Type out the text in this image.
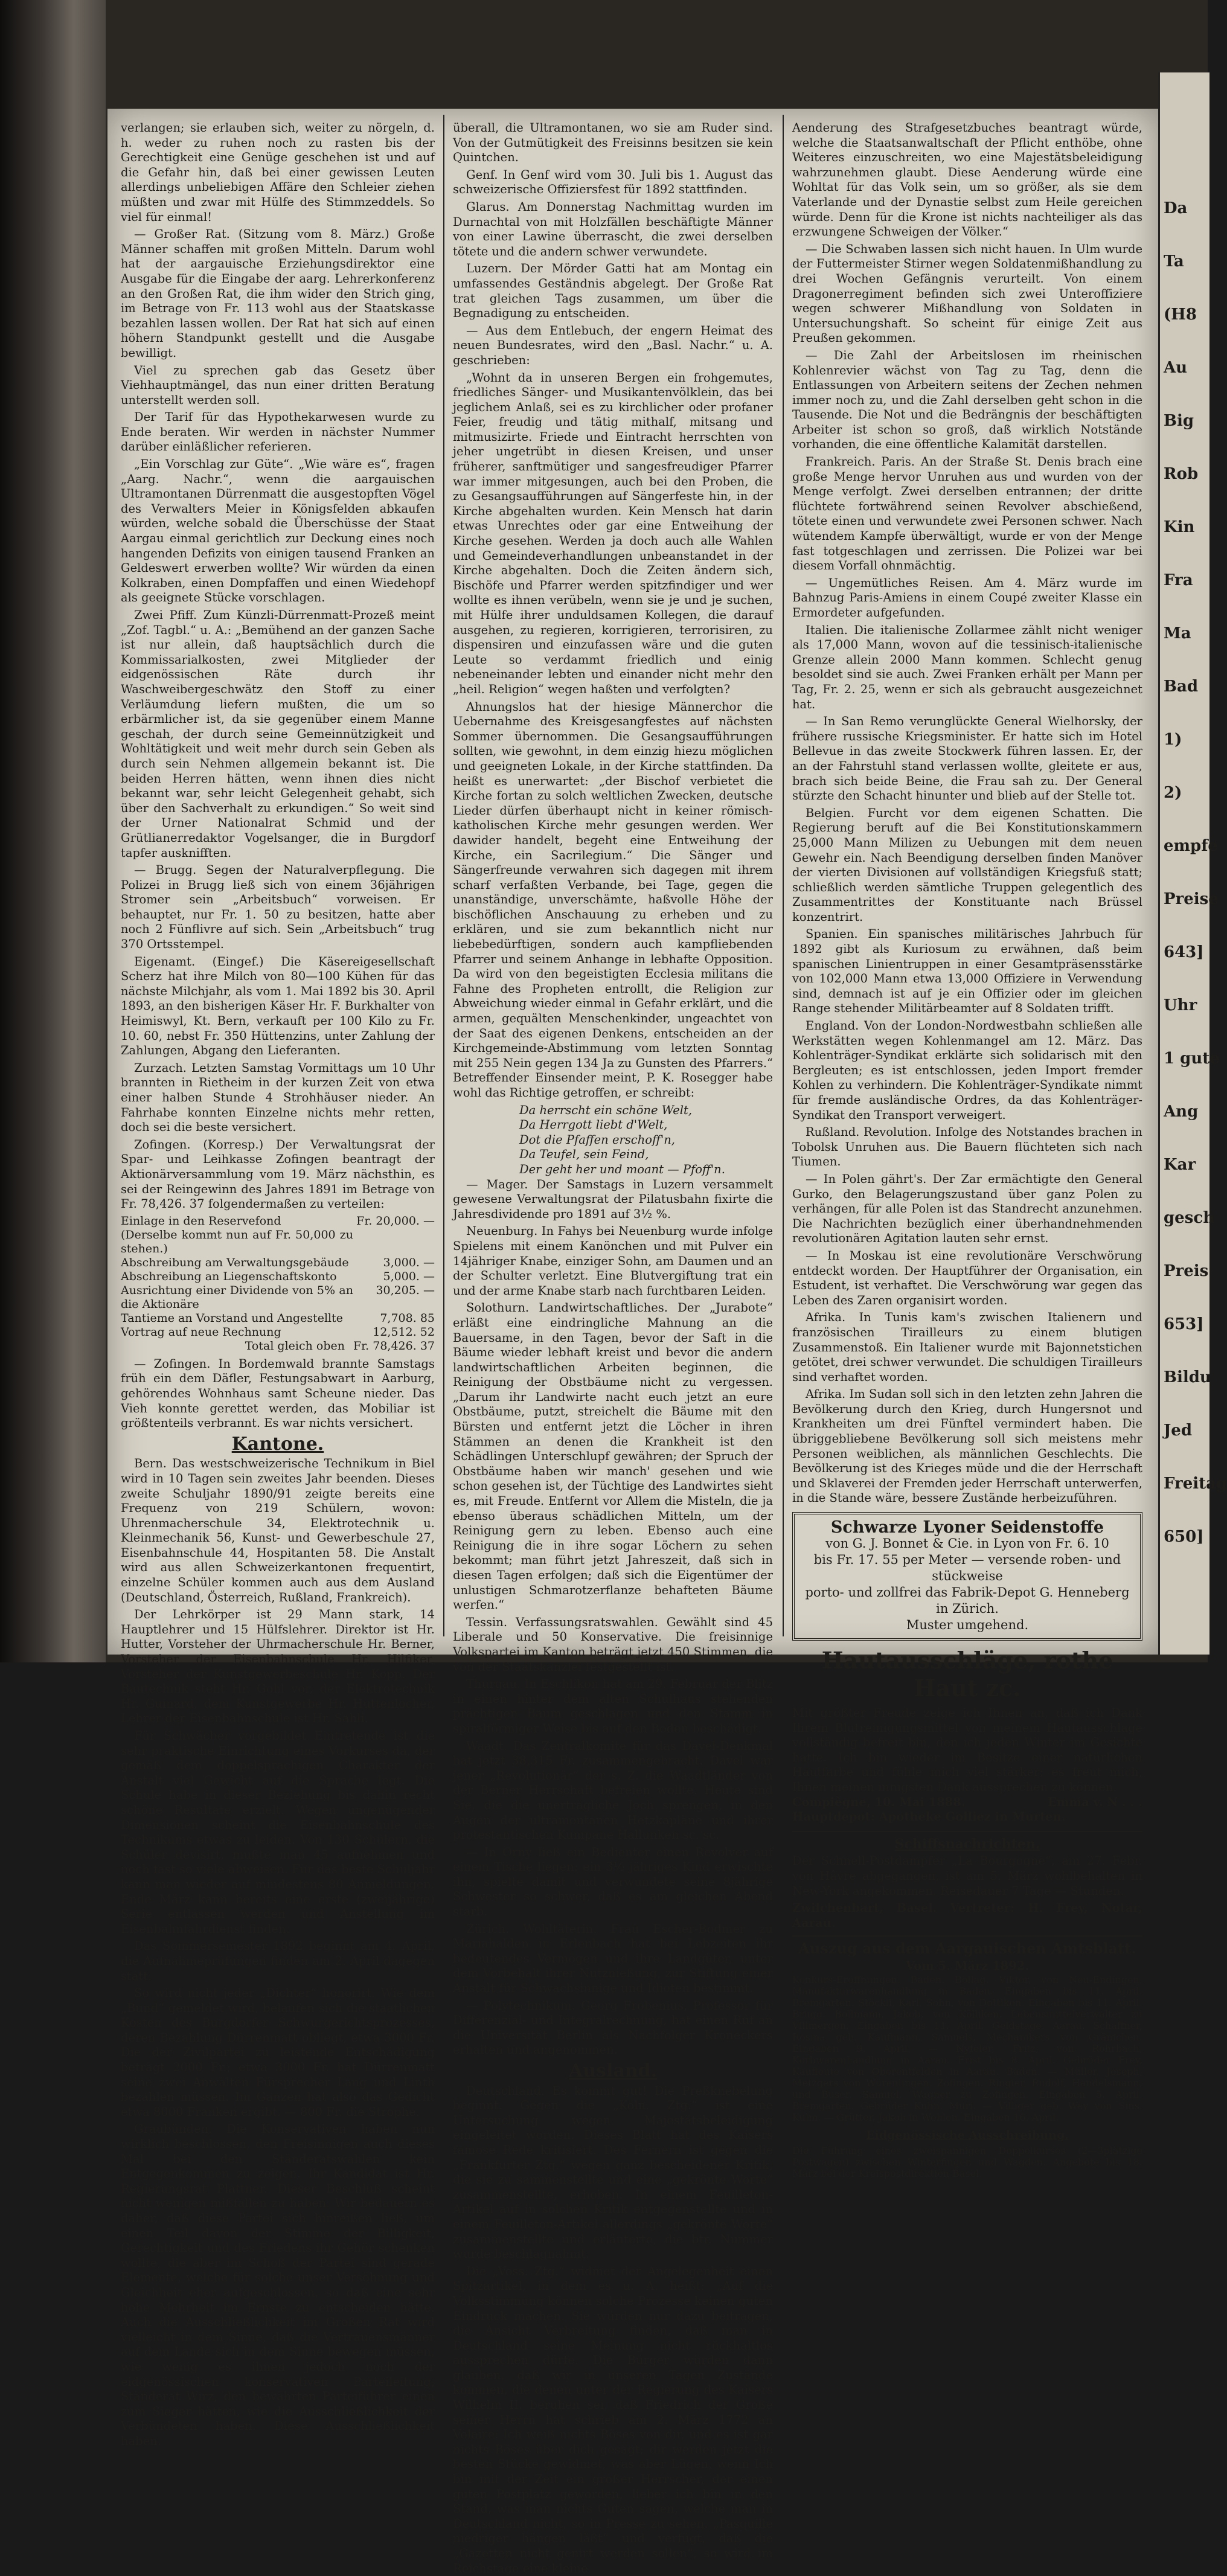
Da
Ta
(H8
Au
Big
Rob
Kin
Fra
Ma
Bad
1)
2)
empfe
Preise
643]
Uhr
1 gute
Ang
Kar
gesch
Preis
653]
Bildu
Jed
Freitag
650]

verlangen; sie erlauben sich, weiter zu nörgeln, d. h. weder zu ruhen noch zu rasten bis der Gerechtigkeit eine Genüge geschehen ist und auf die Gefahr hin, daß bei einer gewissen Leuten allerdings unbeliebigen Affäre den Schleier ziehen müßten und zwar mit Hülfe des Stimmzeddels. So viel für einmal!

— Großer Rat. (Sitzung vom 8. März.) Große Männer schaffen mit großen Mitteln. Darum wohl hat der aargauische Erziehungsdirektor eine Ausgabe für die Eingabe der aarg. Lehrerkonferenz an den Großen Rat, die ihm wider den Strich ging, im Betrage von Fr. 113 wohl aus der Staatskasse bezahlen lassen wollen. Der Rat hat sich auf einen höhern Standpunkt gestellt und die Ausgabe bewilligt.

Viel zu sprechen gab das Gesetz über Viehhauptmängel, das nun einer dritten Beratung unterstellt werden soll.

Der Tarif für das Hypothekarwesen wurde zu Ende beraten. Wir werden in nächster Nummer darüber einläßlicher referieren.

„Ein Vorschlag zur Güte“. „Wie wäre es“, fragen „Aarg. Nachr.“, wenn die aargauischen Ultramontanen Dürrenmatt die ausgestopften Vögel des Verwalters Meier in Königsfelden abkaufen würden, welche sobald die Überschüsse der Staat Aargau einmal gerichtlich zur Deckung eines noch hangenden Defizits von einigen tausend Franken an Geldeswert erwerben wollte? Wir würden da einen Kolkraben, einen Dompfaffen und einen Wiedehopf als geeignete Stücke vorschlagen.

Zwei Pfiff. Zum Künzli-Dürrenmatt-Prozeß meint „Zof. Tagbl.“ u. A.: „Bemühend an der ganzen Sache ist nur allein, daß hauptsächlich durch die Kommissarialkosten, zwei Mitglieder der eidgenössischen Räte durch ihr Waschweibergeschwätz den Stoff zu einer Verläumdung liefern mußten, die um so erbärmlicher ist, da sie gegenüber einem Manne geschah, der durch seine Gemeinnützigkeit und Wohltätigkeit und weit mehr durch sein Geben als durch sein Nehmen allgemein bekannt ist. Die beiden Herren hätten, wenn ihnen dies nicht bekannt war, sehr leicht Gelegenheit gehabt, sich über den Sachverhalt zu erkundigen.“ So weit sind der Urner Nationalrat Schmid und der Grütlianerredaktor Vogelsanger, die in Burgdorf tapfer ausknifften.

— Brugg. Segen der Naturalverpflegung. Die Polizei in Brugg ließ sich von einem 36jährigen Stromer sein „Arbeitsbuch“ vorweisen. Er behauptet, nur Fr. 1. 50 zu besitzen, hatte aber noch 2 Fünflivre auf sich. Sein „Arbeitsbuch“ trug 370 Ortsstempel.

Eigenamt. (Eingef.) Die Käsereigesellschaft Scherz hat ihre Milch von 80—100 Kühen für das nächste Milchjahr, als vom 1. Mai 1892 bis 30. April 1893, an den bisherigen Käser Hr. F. Burkhalter von Heimiswyl, Kt. Bern, verkauft per 100 Kilo zu Fr. 10. 60, nebst Fr. 350 Hüttenzins, unter Zahlung der Zahlungen, Abgang den Lieferanten.

Zurzach. Letzten Samstag Vormittags um 10 Uhr brannten in Rietheim in der kurzen Zeit von etwa einer halben Stunde 4 Strohhäuser nieder. An Fahrhabe konnten Einzelne nichts mehr retten, doch sei die beste versichert.

Zofingen. (Korresp.) Der Verwaltungsrat der Spar- und Leihkasse Zofingen beantragt der Aktionärversammlung vom 19. März nächsthin, es sei der Reingewinn des Jahres 1891 im Betrage von Fr. 78,426. 37 folgendermaßen zu verteilen:

Einlage in den Reservefond	Fr. 20,000. —
(Derselbe kommt nun auf Fr. 50,000 zu stehen.)	
Abschreibung am Verwaltungsgebäude	3,000. —
Abschreibung an Liegenschaftskonto	5,000. —
Ausrichtung einer Dividende von 5% an die Aktionäre	30,205. —
Tantieme an Vorstand und Angestellte	7,708. 85
Vortrag auf neue Rechnung	12,512. 52
Total gleich oben	Fr. 78,426. 37

— Zofingen. In Bordemwald brannte Samstags früh ein dem Däfler, Festungsabwart in Aarburg, gehörendes Wohnhaus samt Scheune nieder. Das Vieh konnte gerettet werden, das Mobiliar ist größtenteils verbrannt. Es war nichts versichert.

Kantone.

Bern. Das westschweizerische Technikum in Biel wird in 10 Tagen sein zweites Jahr beenden. Dieses zweite Schuljahr 1890/91 zeigte bereits eine Frequenz von 219 Schülern, wovon: Uhrenmacherschule 34, Elektrotechnik u. Kleinmechanik 56, Kunst- und Gewerbeschule 27, Eisenbahnschule 44, Hospitanten 58. Die Anstalt wird aus allen Schweizerkantonen frequentirt, einzelne Schüler kommen auch aus dem Ausland (Deutschland, Österreich, Rußland, Frankreich).

Der Lehrkörper ist 29 Mann stark, 14 Hauptlehrer und 15 Hülfslehrer. Direktor ist Hr. Hutter, Vorsteher der Uhrmacherschule Hr. Berner, Vorsteher der Eisenbahnschule Hr. Hilfiker, Vorsteher der Kunstgewerbeschule Hr. Kopp. Der Bautechnik steht Hr. Gohl vor, der Elektrotechnik Hr. Guinard, dem Kunstgewerbe Hr. Huttenlocher, Lehrer der Eisenbahnschule ist Hr. Sahli.

Für Schwächer vorgebildet Eintretende ist die sehr praktische Einrichtung eines Vorkurses da, der gemäß dem doppelsprachigen Charakter der Anstalt viel Gewicht auf die Sprache legt. Die Schule habe in dieser Beziehung bis dahin recht schöne Resultate erzielt. Wegen ungenügender Dimensionen scheint die Eisenbahnschule des Technikums etwas zu leiden. Von 130 Schülern, die Schüler devisirt, mußte man 45 aufnehmen und noch fast so viele abweisen. Für das beste Schuljahr kann man wieder auf mindestens 80 Anmeldungen. Ende März kann bereits eine erste (zweijährige) Serie entlassen werden und Anstellung im Eisenbahnfahrdienst finden.

Das Sommersemester 1892 beginnt am 4. April, die Aufnahmeprüfungen finden am 2. April dagegen statt.

So wird nicht jeder „Dichter“ honorirt. Wie dem „Bund“ gemeldet wird, belaufen sich die staatlichen Kosten des Burgdorfer Schwurgerichtsprozesses, deren Bezahlung Dürrenmatt obliegt, etwa 3000 Fr. Die der Zivilpartei zu leistende Entschädigung beträgt 2000 Fr.; etwa 3000 Fr. hat Dürrenmatt seine zwei Anwälten Fürsprecher Lang und Linth bezahlen müssen. Im Ganzen hat also das Gedicht etwa 8000 Franken ergibt. — 800 Fr. die Strophe.

Graubünden. Die Konservativen haben nun wirklich beschlossen, den Freisinnigen auch dieses Mal bei den Ständeratswahlen kein Entgegenkommen zu zeigen. Ihr Kandidat ist Hr. Regierungsrat Plattner. Dieser Beschluß scheint nicht wenigen mißfallen zu haben. Wir bedauern es daher, daß diese Partei sich hinreißen ließ, um einen Teil davon der Stimme der Billigkeit, Gerechtigkeit und des Friedens ihr Gehör schenken wollte, die aber im Schoß der Partei sind gerade Elemente, welche für solche unser Versöhnung und Gleichheit eher aufgeschlossen, so daß eine sehr hohe Mehrheit im Ernste zu entscheiden hätte. Auch die Ausschließlichkeit im Großen Rat wird vielleicht in dem Sinne, daß die Vertrauensmänner auf dem Lande sich in dem Sinne bewegen müssen, wie wenig es ihnen jedoch noch der eidgenössischen konservativen Parteileitung, Ständerat Wirz, den bewährten Parteiführer einen zum Sieger hätten, wie die Ausschließlichkeit der Verbündeten haben. Diese Ausschließlichkeit haben.

überall, die Ultramontanen, wo sie am Ruder sind. Von der Gutmütigkeit des Freisinns besitzen sie kein Quintchen.

Genf. In Genf wird vom 30. Juli bis 1. August das schweizerische Offiziersfest für 1892 stattfinden.

Glarus. Am Donnerstag Nachmittag wurden im Durnachtal von mit Holzfällen beschäftigte Männer von einer Lawine überrascht, die zwei derselben tötete und die andern schwer verwundete.

Luzern. Der Mörder Gatti hat am Montag ein umfassendes Geständnis abgelegt. Der Große Rat trat gleichen Tags zusammen, um über die Begnadigung zu entscheiden.

— Aus dem Entlebuch, der engern Heimat des neuen Bundesrates, wird den „Basl. Nachr.“ u. A. geschrieben:

„Wohnt da in unseren Bergen ein frohgemutes, friedliches Sänger- und Musikantenvölklein, das bei jeglichem Anlaß, sei es zu kirchlicher oder profaner Feier, freudig und tätig mithalf, mitsang und mitmusizirte. Friede und Eintracht herrschten von jeher ungetrübt in diesen Kreisen, und unser früherer, sanftmütiger und sangesfreudiger Pfarrer war immer mitgesungen, auch bei den Proben, die zu Gesangsaufführungen auf Sängerfeste hin, in der Kirche abgehalten wurden. Kein Mensch hat darin etwas Unrechtes oder gar eine Entweihung der Kirche gesehen. Werden ja doch auch alle Wahlen und Gemeindeverhandlungen unbeanstandet in der Kirche abgehalten. Doch die Zeiten ändern sich, Bischöfe und Pfarrer werden spitzfindiger und wer wollte es ihnen verübeln, wenn sie je und je suchen, mit Hülfe ihrer unduldsamen Kollegen, die darauf ausgehen, zu regieren, korrigieren, terrorisiren, zu dispensiren und einzufassen wäre und die guten Leute so verdammt friedlich und einig nebeneinander lebten und einander nicht mehr den „heil. Religion“ wegen haßten und verfolgten?

Ahnungslos hat der hiesige Männerchor die Uebernahme des Kreisgesangfestes auf nächsten Sommer übernommen. Die Gesangsaufführungen sollten, wie gewohnt, in dem einzig hiezu möglichen und geeigneten Lokale, in der Kirche stattfinden. Da heißt es unerwartet: „der Bischof verbietet die Kirche fortan zu solch weltlichen Zwecken, deutsche Lieder dürfen überhaupt nicht in keiner römisch-katholischen Kirche mehr gesungen werden. Wer dawider handelt, begeht eine Entweihung der Kirche, ein Sacrilegium.“ Die Sänger und Sängerfreunde verwahren sich dagegen mit ihrem scharf verfaßten Verbande, bei Tage, gegen die unanständige, unverschämte, haßvolle Höhe der bischöflichen Anschauung zu erheben und zu erklären, und sie zum bekanntlich nicht nur liebebedürftigen, sondern auch kampfliebenden Pfarrer und seinem Anhange in lebhafte Opposition. Da wird von den begeistigten Ecclesia militans die Fahne des Propheten entrollt, die Religion zur Abweichung wieder einmal in Gefahr erklärt, und die armen, gequälten Menschenkinder, ungeachtet von der Saat des eigenen Denkens, entscheiden an der Kirchgemeinde-Abstimmung vom letzten Sonntag mit 255 Nein gegen 134 Ja zu Gunsten des Pfarrers.“ Betreffender Einsender meint, P. K. Rosegger habe wohl das Richtige getroffen, er schreibt:

Da herrscht ein schöne Welt,
Da Herrgott liebt d'Welt,
Dot die Pfaffen erschoff'n,
Da Teufel, sein Feind,
Der geht her und moant — Pfoff'n.

— Mager. Der Samstags in Luzern versammelt gewesene Verwaltungsrat der Pilatusbahn fixirte die Jahresdividende pro 1891 auf 3½ %.

Neuenburg. In Fahys bei Neuenburg wurde infolge Spielens mit einem Kanönchen und mit Pulver ein 14jähriger Knabe, einziger Sohn, am Daumen und an der Schulter verletzt. Eine Blutvergiftung trat ein und der arme Knabe starb nach furchtbaren Leiden.

Solothurn. Landwirtschaftliches. Der „Jurabote“ erläßt eine eindringliche Mahnung an die Bauersame, in den Tagen, bevor der Saft in die Bäume wieder lebhaft kreist und bevor die andern landwirtschaftlichen Arbeiten beginnen, die Reinigung der Obstbäume nicht zu vergessen. „Darum ihr Landwirte nacht euch jetzt an eure Obstbäume, putzt, streichelt die Bäume mit den Bürsten und entfernt jetzt die Löcher in ihren Stämmen an denen die Krankheit ist den Schädlingen Unterschlupf gewähren; der Spruch der Obstbäume haben wir manch' gesehen und wie schon gesehen ist, der Tüchtige des Landwirtes sieht es, mit Freude. Entfernt vor Allem die Misteln, die ja ebenso überaus schädlichen Mitteln, um der Reinigung gern zu leben. Ebenso auch eine Reinigung die in ihre sogar Löchern zu sehen bekommt; man führt jetzt Jahreszeit, daß sich in diesen Tagen erfolgen; daß sich die Eigentümer der unlustigen Schmarotzerflanze behafteten Bäume werfen.“

Tessin. Verfassungsratswahlen. Gewählt sind 45 Liberale und 50 Konservative. Die freisinnige Volkspartei im Kanton beträgt jetzt 450 Stimmen, die von der Staatskanzlei festgestellt ist.

Thurgau. In Eschlikon hat am 29. Februar der Blitz in einen hinter dem alten Schulhaus stehenden prächtigen Baum geschlagen und den Stamm in spiralförmiger Weise bis auf den Boden beschädigt.

Waadt. Das Zentralkomite für das Davel-Denkmal hat jetzt 38,315 Fr. zusammengebracht. Davel war jener „Revolutionär“ der s. Z. die Waadtländer von der Berner Herrschaft befreien wollte. Heute sind Sie, die die unerträgliche Joch sprengen, in den Augen der ultramontanen Hetzkapläne und ihrer protestantischen Kumpane Hallunken sc. sc.

— In Orny ließ ein Bedienter einen Revolver auf einem Tische liegen; ein 3½ jähriges Kind erwischte ihn, spielte damit und verwundete seine 8jährige Schwester so schwer, daß es am gleichen Abend starb.

Zürich. Wohltäterin. Frau Escher-Bodmer zu Mariahalden in Erlenbach hat bei Lebzeiten ihr bedeutendes Vermögen und ihre Landgüter, unter dem Vorbehalt ihrer Nutznießung, zur Stiftung einer Anstalt für Schwachsinnige und Idioten bestimmt.

— Polytechnikum. Georg Frobenius, Professor für Differenzial- und Integralrechnung, hat einen Ruf an die Universität Berlin als Nachfolger Kroneckers erhalten und angenommen.

Ausland.

Deutschland. Es kommt gut! Die Preßknebelung beginnt. Gegen die „Köln. Ztg.“ ist eine Untersuchung wegen Majestätsbeleidigung eingeleitet worden. Dieses Blatt hat des Kaisers famose Rede kritisiert. Des Fernern ist gegen die „Frankfurter Ztg.“ wegen ganz bescheidener Kritik, die sie zu sammenstellte und eine „gekrönte Worte“ zusammenstellte, erhoben. In einem Feuilleton-Artikel auf in solchen Kritik entgegenstellte und in einem Feuilleton-Artikel allerdings „gekrönte Worte“ zusammenstellte und erläuterte, die btr. Nummer wurde beschlagnahmt.

Die „Voss. Ztg.“ widmet der Angelegenheit einen Spitzartikel, in dem es u. A. heißt: „Auf die Volksstimmung können solche Prozesse keinen guten Eindruck machen. Sie würden nur dazu beitragen, die Ansicht Verbreitung finden, daß man in Deutschland seine Meinung nicht rückhaltlos aussprechen dürfe. Die Bürger würden dann glauben, daß wir in unseren Tagen Zustände kommen, die denen unter der Regierung des Kaisers Wilhelm II. beruhen sei, daß Friedrich der Große seiner Herrn hat schrieb am 2. März 1772 an Volaire: Ich weiß nichts Böses von dir, und es ist gar nichts Böses über dich gesagt; dir werden jetzt die besten Stücke gewidmet, was aber Lügen, wenn Ich bin mit der Zeit ein großer Herrscher, der einen guten Postplatz geworden, lieber ich bin in den Stand, was man nichts Guten sagen, welche man in Deutschland nicht, so in Presse zu sehen. „Pasquille niedriger hängen läßt“ und verfügt, daß die „Gazetten nicht genirt werden sollen“, so wird im Reichstage eine kleine

Aenderung des Strafgesetzbuches beantragt würde, welche die Staatsanwaltschaft der Pflicht enthöbe, ohne Weiteres einzuschreiten, wo eine Majestätsbeleidigung wahrzunehmen glaubt. Diese Aenderung würde eine Wohltat für das Volk sein, um so größer, als sie dem Vaterlande und der Dynastie selbst zum Heile gereichen würde. Denn für die Krone ist nichts nachteiliger als das erzwungene Schweigen der Völker.“

— Die Schwaben lassen sich nicht hauen. In Ulm wurde der Futtermeister Stirner wegen Soldatenmißhandlung zu drei Wochen Gefängnis verurteilt. Von einem Dragonerregiment befinden sich zwei Unteroffiziere wegen schwerer Mißhandlung von Soldaten in Untersuchungshaft. So scheint für einige Zeit aus Preußen gekommen.

— Die Zahl der Arbeitslosen im rheinischen Kohlenrevier wächst von Tag zu Tag, denn die Entlassungen von Arbeitern seitens der Zechen nehmen immer noch zu, und die Zahl derselben geht schon in die Tausende. Die Not und die Bedrängnis der beschäftigten Arbeiter ist schon so groß, daß wirklich Notstände vorhanden, die eine öffentliche Kalamität darstellen.

Frankreich. Paris. An der Straße St. Denis brach eine große Menge hervor Unruhen aus und wurden von der Menge verfolgt. Zwei derselben entrannen; der dritte flüchtete fortwährend seinen Revolver abschießend, tötete einen und verwundete zwei Personen schwer. Nach wütendem Kampfe überwältigt, wurde er von der Menge fast totgeschlagen und zerrissen. Die Polizei war bei diesem Vorfall ohnmächtig.

— Ungemütliches Reisen. Am 4. März wurde im Bahnzug Paris-Amiens in einem Coupé zweiter Klasse ein Ermordeter aufgefunden.

Italien. Die italienische Zollarmee zählt nicht weniger als 17,000 Mann, wovon auf die tessinisch-italienische Grenze allein 2000 Mann kommen. Schlecht genug besoldet sind sie auch. Zwei Franken erhält per Mann per Tag, Fr. 2. 25, wenn er sich als gebraucht ausgezeichnet hat.

— In San Remo verunglückte General Wielhorsky, der frühere russische Kriegsminister. Er hatte sich im Hotel Bellevue in das zweite Stockwerk führen lassen. Er, der an der Fahrstuhl stand verlassen wollte, gleitete er aus, brach sich beide Beine, die Frau sah zu. Der General stürzte den Schacht hinunter und blieb auf der Stelle tot.

Belgien. Furcht vor dem eigenen Schatten. Die Regierung beruft auf die Bei Konstitutionskammern 25,000 Mann Milizen zu Uebungen mit dem neuen Gewehr ein. Nach Beendigung derselben finden Manöver der vierten Divisionen auf vollständigen Kriegsfuß statt; schließlich werden sämtliche Truppen gelegentlich des Zusammentrittes der Konstituante nach Brüssel konzentrirt.

Spanien. Ein spanisches militärisches Jahrbuch für 1892 gibt als Kuriosum zu erwähnen, daß beim spanischen Linientruppen in einer Gesamtpräsensstärke von 102,000 Mann etwa 13,000 Offiziere in Verwendung sind, demnach ist auf je ein Offizier oder im gleichen Range stehender Militärbeamter auf 8 Soldaten trifft.

England. Von der London-Nordwestbahn schließen alle Werkstätten wegen Kohlenmangel am 12. März. Das Kohlenträger-Syndikat erklärte sich solidarisch mit den Bergleuten; es ist entschlossen, jeden Import fremder Kohlen zu verhindern. Die Kohlenträger-Syndikate nimmt für fremde ausländische Ordres, da das Kohlenträger-Syndikat den Transport verweigert.

Rußland. Revolution. Infolge des Notstandes brachen in Tobolsk Unruhen aus. Die Bauern flüchteten sich nach Tiumen.

— In Polen gährt's. Der Zar ermächtigte den General Gurko, den Belagerungszustand über ganz Polen zu verhängen, für alle Polen ist das Standrecht anzunehmen. Die Nachrichten bezüglich einer überhandnehmenden revolutionären Agitation lauten sehr ernst.

— In Moskau ist eine revolutionäre Verschwörung entdeckt worden. Der Hauptführer der Organisation, ein Estudent, ist verhaftet. Die Verschwörung war gegen das Leben des Zaren organisirt worden.

Afrika. In Tunis kam's zwischen Italienern und französischen Tirailleurs zu einem blutigen Zusammenstoß. Ein Italiener wurde mit Bajonnetstichen getötet, drei schwer verwundet. Die schuldigen Tirailleurs sind verhaftet worden.

Afrika. Im Sudan soll sich in den letzten zehn Jahren die Bevölkerung durch den Krieg, durch Hungersnot und Krankheiten um drei Fünftel vermindert haben. Die übriggebliebene Bevölkerung soll sich meistens mehr Personen weiblichen, als männlichen Geschlechts. Die Bevölkerung ist des Krieges müde und die der Herrschaft und Sklaverei der Fremden jeder Herrschaft unterwerfen, in die Stande wäre, bessere Zustände herbeizuführen.

Schwarze Lyoner Seidenstoffe
von G. J. Bonnet & Cie. in Lyon von Fr. 6. 10
bis Fr. 17. 55 per Meter — versende roben- und stückweise
porto- und zollfrei das Fabrik-Depot G. Henneberg in Zürich.
Muster umgehend.
Hautausschläge, rothe Haut zc.
Mit größter Freude zeige ich Ihnen an, daß ich Dank Ihrem Blutreinigungsmittel von meinem Hautausschlage vollständig befreit bin, den ich jeden Winter im Gesichte hatte. Ich bin wieder im Besitze einer natürlichen Hautfarbe und fühle mich viel stärker; es freut mich, Ihnen meinen innigsten Dank aussprechen zu können.
Compiègne, 10. Mai 1888.	Emma v. N . . .
Hauptdepot: Apotheke Golliez in Murten.
Schiffsnachrichten.

Der Schnell-Postdampfer „La Bourgogne“, am 27. Febr. von Hâvre abgegangen, ist am 5. März wohlbehalten in New-York angekommen. Reisedauer 7 Tage — Stunden.

Zwilchenbart, Basel. Vertreter: H. Frey, Notar, Aarau.

Auszug aus dem Aargauischen Amtsblatt.
Vom 5. März 1892.

Konkurs-Eröffnungen. Baden. Bollag, Viktor, von Neu-Endingen, Manufakturwarenhandlung in Baden. Eingaben bis 11. April. Bremgarten. Stöckli, Karl, Sohn, von Dottikon. Eingaben bis 11. April. Brugg. Bollmann, Jakob, von Kölliken, Lebensmittelverwalter zu Villmergen. Eingaben bis 11. April. Geldstage. Aarau. Schaffner, Rosina geb. Kaufmann, Samuels, Mechanikers von Gränichen. Eingaben 9. April. — Nyfeler, Fritz, von Rohrbach, Korbwarenhandlung in Aarau. Frist bis 8. April. Gebrüder Frey, Kaufleute von Oberentfelden in Aarau. Baden. — Müller, Joseph, Metzgers von Würenlingen. Zofingen. Ringier, Rudolf, Handelsmann, und Buser, Samuel, Wagner zu Zofingen. Eingaben 5. April. Bremgarten. Gebrüder Kuhn. Muri. — Villiger geb. Wey von Sins. Kulm. — Grütter, Jakob in Wohlen. Eingaben 16. April.

Eidgenössische Ausschreibung.

Die Führung eines zweispännigen Doppelkurses (2—3plätzige Postwagen) zwischen Winterfingen und Wagden. Angebote bis 18. März bei der Kreispostdirektion Basel.
